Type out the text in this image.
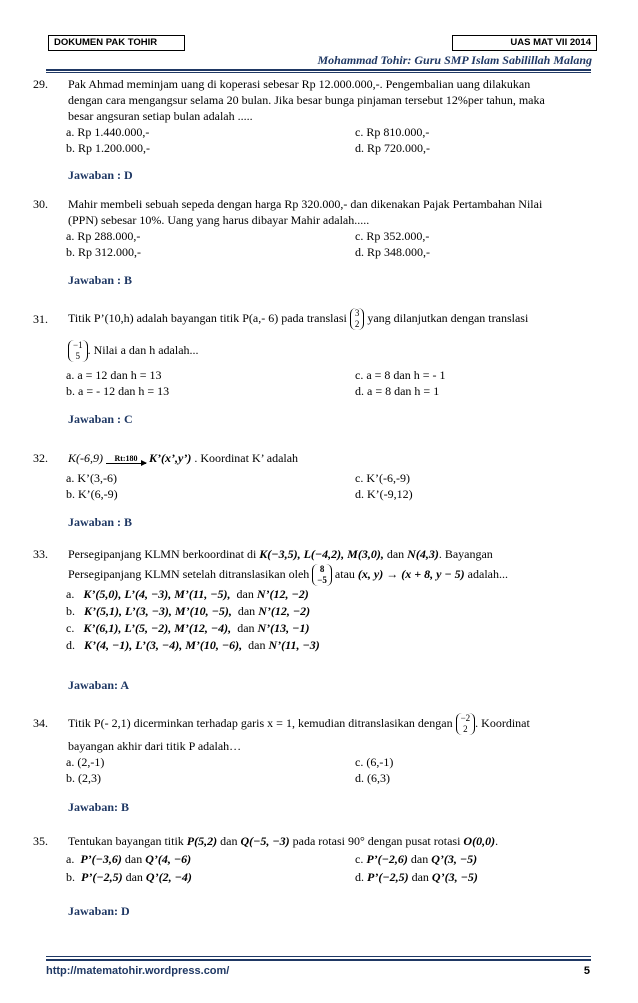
DOKUMEN PAK TOHIR	UAS MAT VII 2014
Mohammad Tohir: Guru SMP Islam Sabilillah Malang
29. Pak Ahmad meminjam uang di koperasi sebesar Rp 12.000.000,-. Pengembalian uang dilakukan
dengan cara mengangsur selama 20 bulan. Jika besar bunga pinjaman tersebut 12%per tahun, maka
besar angsuran setiap bulan adalah .....
a. Rp 1.440.000,-	c. Rp 810.000,-
b. Rp 1.200.000,-	d. Rp 720.000,-
Jawaban : D
30. Mahir membeli sebuah sepeda dengan harga Rp 320.000,- dan dikenakan Pajak Pertambahan Nilai
(PPN) sebesar 10%. Uang yang harus dibayar Mahir adalah.....
a. Rp 288.000,-	c. Rp 352.000,-
b. Rp 312.000,-	d. Rp 348.000,-
Jawaban : B
31. Titik P’(10,h) adalah bayangan titik P(a,- 6) pada translasi 3
2 yang dilanjutkan dengan translasi
−1
5 . Nilai a dan h adalah...
a. a = 12 dan h = 13	c. a = 8 dan h = - 1
b. a = - 12 dan h = 13	d. a = 8 dan h = 1
Jawaban : C
32. K(-6,9)	Rt:180 K’(x’,y’) . Koordinat K’ adalah
a. K’(3,-6)	c. K’(-6,-9)
b. K’(6,-9)	d. K’(-9,12)
Jawaban : B
33. Persegipanjang KLMN berkoordinat di K(−3,5), L(−4,2), M(3,0), dan N(4,3). Bayangan
Persegipanjang KLMN setelah ditranslasikan oleh 8
−5 atau (x, y) → (x + 8, y − 5) adalah...
a. K’(5,0), L’(4, −3), M’(11, −5), dan N’(12, −2)
b. K’(5,1), L’(3, −3), M’(10, −5), dan N’(12, −2)
c. K’(6,1), L’(5, −2), M’(12, −4), dan N’(13, −1)
d. K’(4, −1), L’(3, −4), M’(10, −6), dan N’(11, −3)
Jawaban: A
34. Titik P(- 2,1) dicerminkan terhadap garis x = 1, kemudian ditranslasikan dengan −2
2 . Koordinat
bayangan akhir dari titik P adalah…
a. (2,-1)	c. (6,-1)
b. (2,3)	d. (6,3)
Jawaban: B
35. Tentukan bayangan titik P(5,2) dan Q(−5, −3) pada rotasi 90° dengan pusat rotasi O(0,0).
a. P’(−3,6) dan Q’(4, −6)	c. P’(−2,6) dan Q’(3, −5)
b. P’(−2,5) dan Q’(2, −4)	d. P’(−2,5) dan Q’(3, −5)
Jawaban: D
http://matematohir.wordpress.com/	5
